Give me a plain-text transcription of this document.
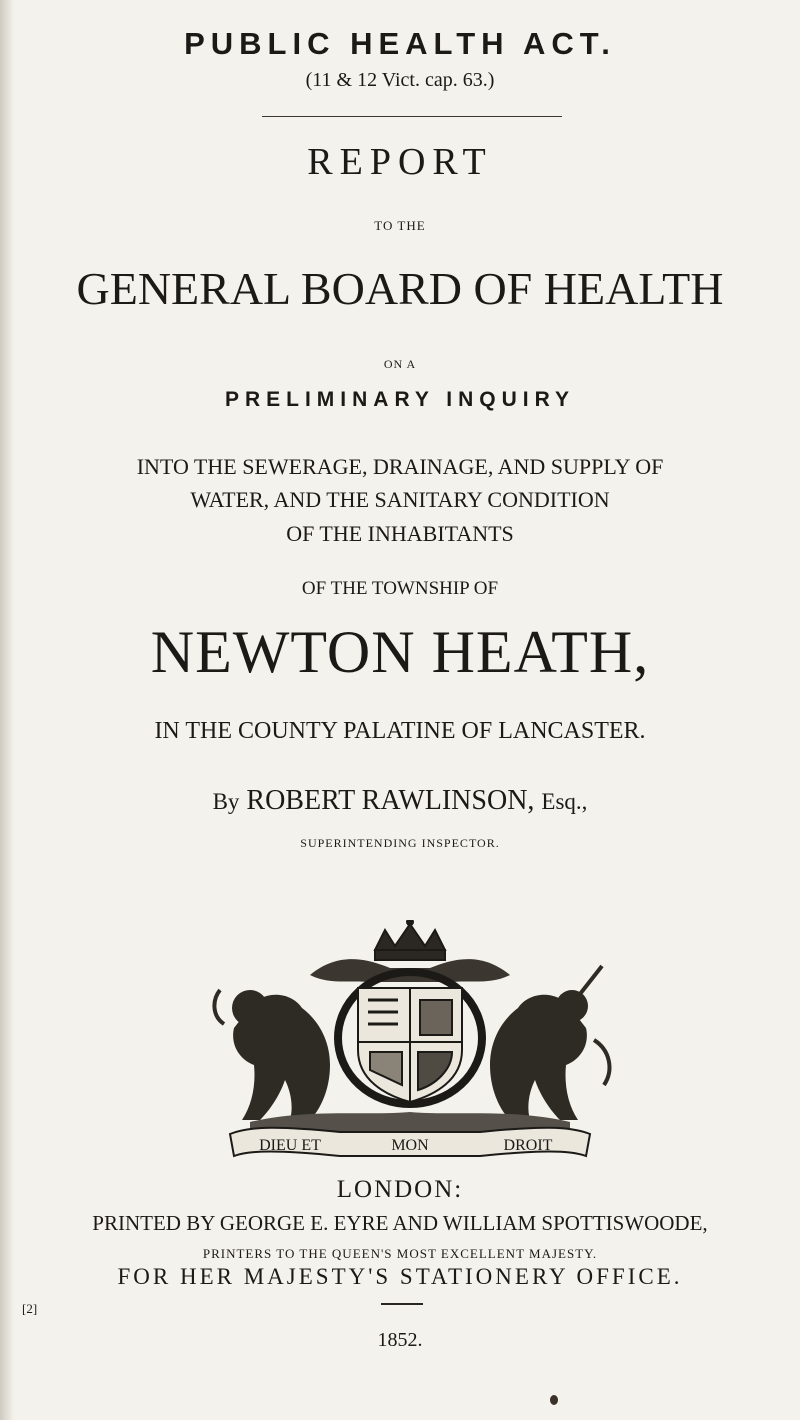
PUBLIC HEALTH ACT.
(11 & 12 Vict. cap. 63.)
REPORT
TO THE
GENERAL BOARD OF HEALTH
ON A
PRELIMINARY INQUIRY
INTO THE SEWERAGE, DRAINAGE, AND SUPPLY OF
WATER, AND THE SANITARY CONDITION
OF THE INHABITANTS
OF THE TOWNSHIP OF
NEWTON HEATH,
IN THE COUNTY PALATINE OF LANCASTER.
By ROBERT RAWLINSON, Esq.,
SUPERINTENDING INSPECTOR.
DIEU ET	MON	DROIT
LONDON:
PRINTED BY GEORGE E. EYRE AND WILLIAM SPOTTISWOODE,
PRINTERS TO THE QUEEN'S MOST EXCELLENT MAJESTY.
FOR HER MAJESTY'S STATIONERY OFFICE.
[2]
1852.
